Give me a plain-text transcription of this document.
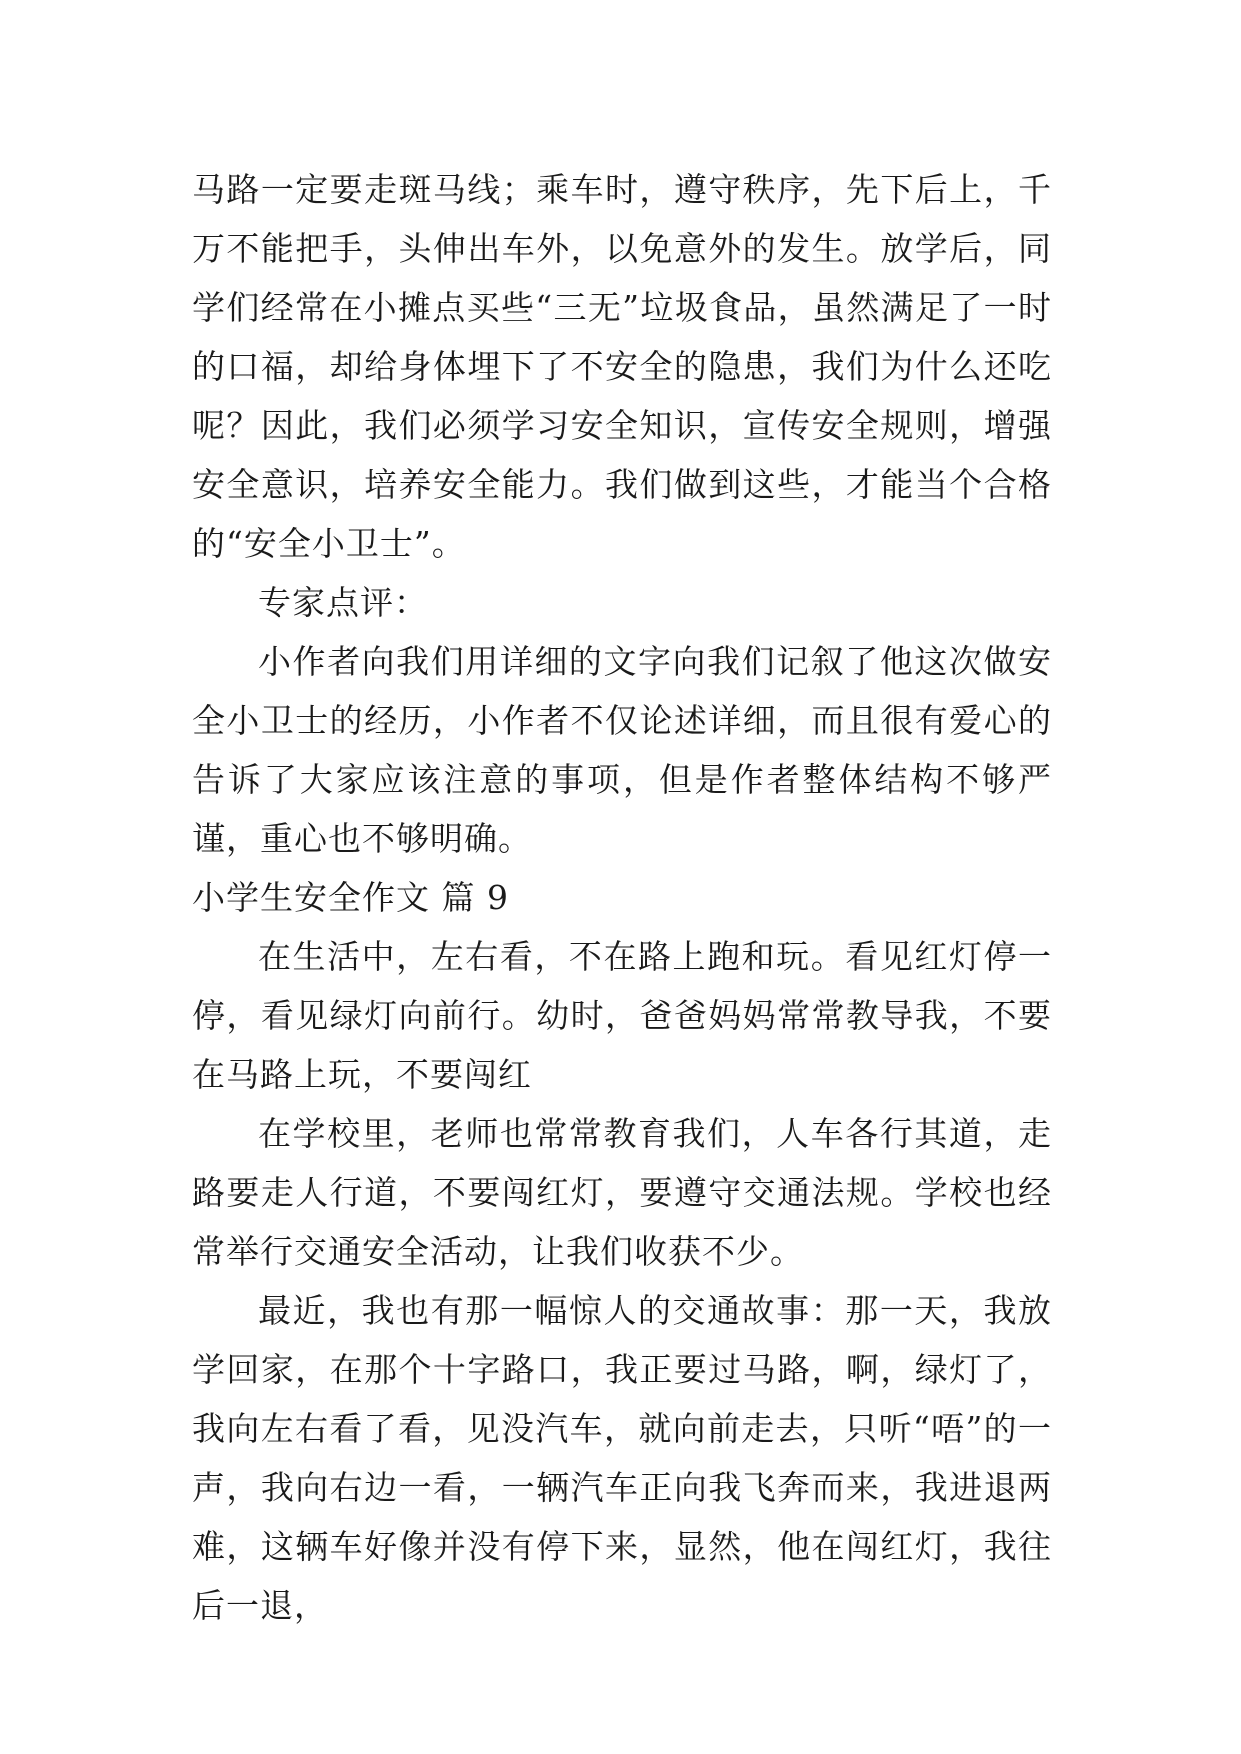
马路一定要走斑马线；乘车时，遵守秩序，先下后上，千万不能把手，头伸出车外，以免意外的发生。放学后，同学们经常在小摊点买些“三无”垃圾食品，虽然满足了一时的口福，却给身体埋下了不安全的隐患，我们为什么还吃呢？因此，我们必须学习安全知识，宣传安全规则，增强安全意识，培养安全能力。我们做到这些，才能当个合格的“安全小卫士”。

专家点评：

小作者向我们用详细的文字向我们记叙了他这次做安全小卫士的经历，小作者不仅论述详细，而且很有爱心的告诉了大家应该注意的事项，但是作者整体结构不够严谨，重心也不够明确。

小学生安全作文 篇 9

在生活中，左右看，不在路上跑和玩。看见红灯停一停，看见绿灯向前行。幼时，爸爸妈妈常常教导我，不要在马路上玩，不要闯红

在学校里，老师也常常教育我们，人车各行其道，走路要走人行道，不要闯红灯，要遵守交通法规。学校也经常举行交通安全活动，让我们收获不少。

最近，我也有那一幅惊人的交通故事：那一天，我放学回家，在那个十字路口，我正要过马路，啊，绿灯了，我向左右看了看，见没汽车，就向前走去，只听“唔”的一声，我向右边一看，一辆汽车正向我飞奔而来，我进退两难，这辆车好像并没有停下来，显然，他在闯红灯，我往后一退，
